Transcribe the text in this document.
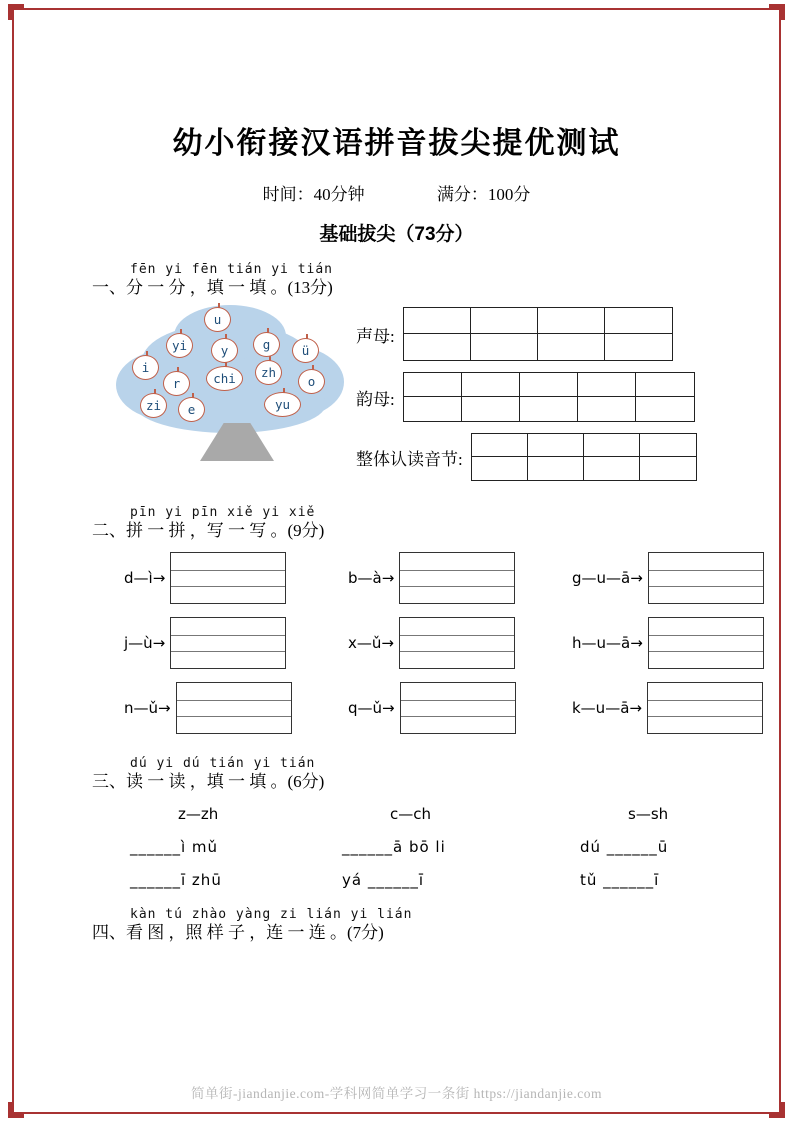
幼小衔接汉语拼音拔尖提优测试
时间：40分钟	满分：100分
基础拔尖（73分）
fēn yi fēn tián yi tián
一、分 一 分 ，填 一 填 。(13分)
u
yi	y	g	ü
i
r	chi	zh
o
zi	e	yu
声母:
韵母:
整体认读音节:
pīn yi pīn xiě yi xiě
二、拼 一 拼 ，写 一 写 。(9分)
d—ì→	b—à→	g—u—ā→
j—ù→	x—ǔ→	h—u—ā→
n—ǔ→	q—ǔ→	k—u—ā→
dú yi dú tián yi tián
三、读 一 读 ，填 一 填 。(6分)
z—zh	c—ch	s—sh
______ì mǔ	______ā bō li	dú ______ū
______ī zhū	yá ______ī	tǔ ______ī
kàn tú zhào yàng zi lián yi lián
四、看 图 ，照 样 子 ，连 一 连 。(7分)
简单街-jiandanjie.com-学科网简单学习一条街 https://jiandanjie.com
